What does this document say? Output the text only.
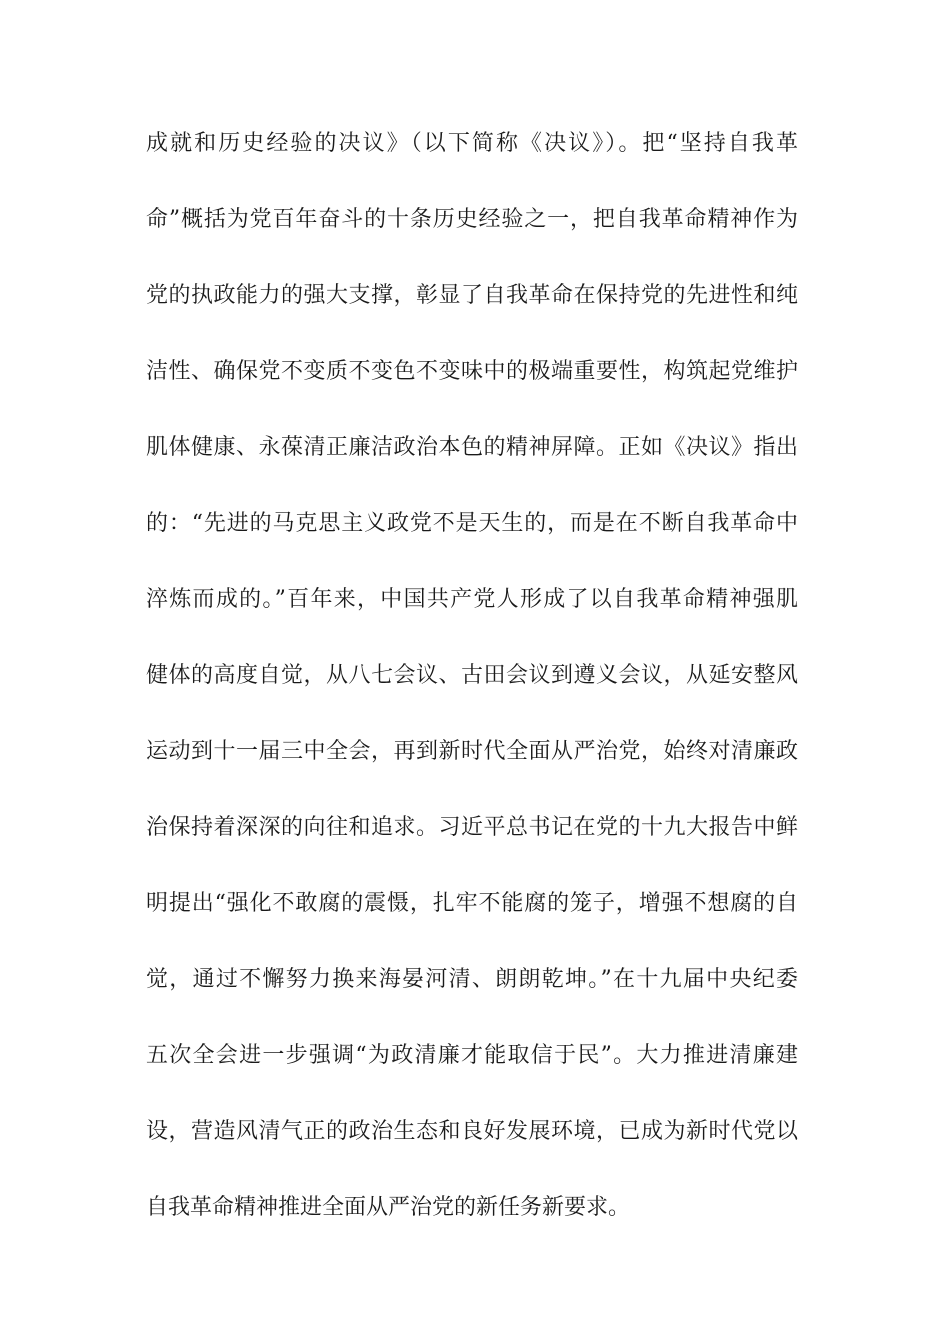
成就和历史经验的决议》（以下简称《决议》）。把“坚持自我革
命”概括为党百年奋斗的十条历史经验之一，把自我革命精神作为
党的执政能力的强大支撑，彰显了自我革命在保持党的先进性和纯
洁性、确保党不变质不变色不变味中的极端重要性，构筑起党维护
肌体健康、永葆清正廉洁政治本色的精神屏障。正如《决议》指出
的：“先进的马克思主义政党不是天生的，而是在不断自我革命中
淬炼而成的。”百年来，中国共产党人形成了以自我革命精神强肌
健体的高度自觉，从八七会议、古田会议到遵义会议，从延安整风
运动到十一届三中全会，再到新时代全面从严治党，始终对清廉政
治保持着深深的向往和追求。习近平总书记在党的十九大报告中鲜
明提出“强化不敢腐的震慑，扎牢不能腐的笼子，增强不想腐的自
觉，通过不懈努力换来海晏河清、朗朗乾坤。”在十九届中央纪委
五次全会进一步强调“为政清廉才能取信于民”。大力推进清廉建
设，营造风清气正的政治生态和良好发展环境，已成为新时代党以
自我革命精神推进全面从严治党的新任务新要求。
